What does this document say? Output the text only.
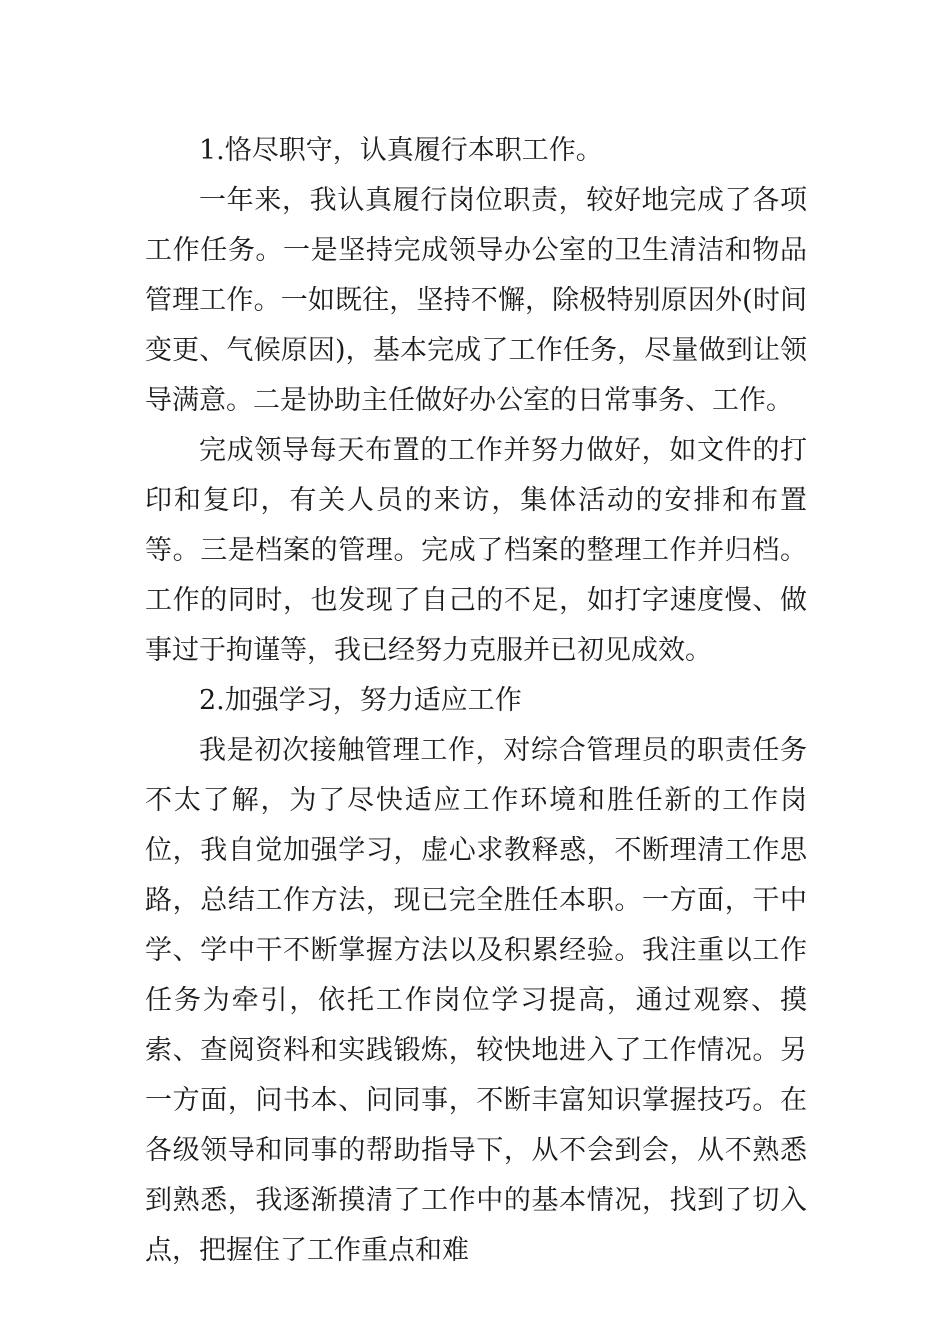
1.恪尽职守，认真履行本职工作。

一年来，我认真履行岗位职责，较好地完成了各项工作任务。一是坚持完成领导办公室的卫生清洁和物品管理工作。一如既往，坚持不懈，除极特别原因外(时间变更、气候原因)，基本完成了工作任务，尽量做到让领导满意。二是协助主任做好办公室的日常事务、工作。

完成领导每天布置的工作并努力做好，如文件的打印和复印，有关人员的来访，集体活动的安排和布置等。三是档案的管理。完成了档案的整理工作并归档。工作的同时，也发现了自己的不足，如打字速度慢、做事过于拘谨等，我已经努力克服并已初见成效。

2.加强学习，努力适应工作

我是初次接触管理工作，对综合管理员的职责任务不太了解，为了尽快适应工作环境和胜任新的工作岗位，我自觉加强学习，虚心求教释惑，不断理清工作思路，总结工作方法，现已完全胜任本职。一方面，干中学、学中干不断掌握方法以及积累经验。我注重以工作任务为牵引，依托工作岗位学习提高，通过观察、摸索、查阅资料和实践锻炼，较快地进入了工作情况。另一方面，问书本、问同事，不断丰富知识掌握技巧。在各级领导和同事的帮助指导下，从不会到会，从不熟悉到熟悉，我逐渐摸清了工作中的基本情况，找到了切入点，把握住了工作重点和难
